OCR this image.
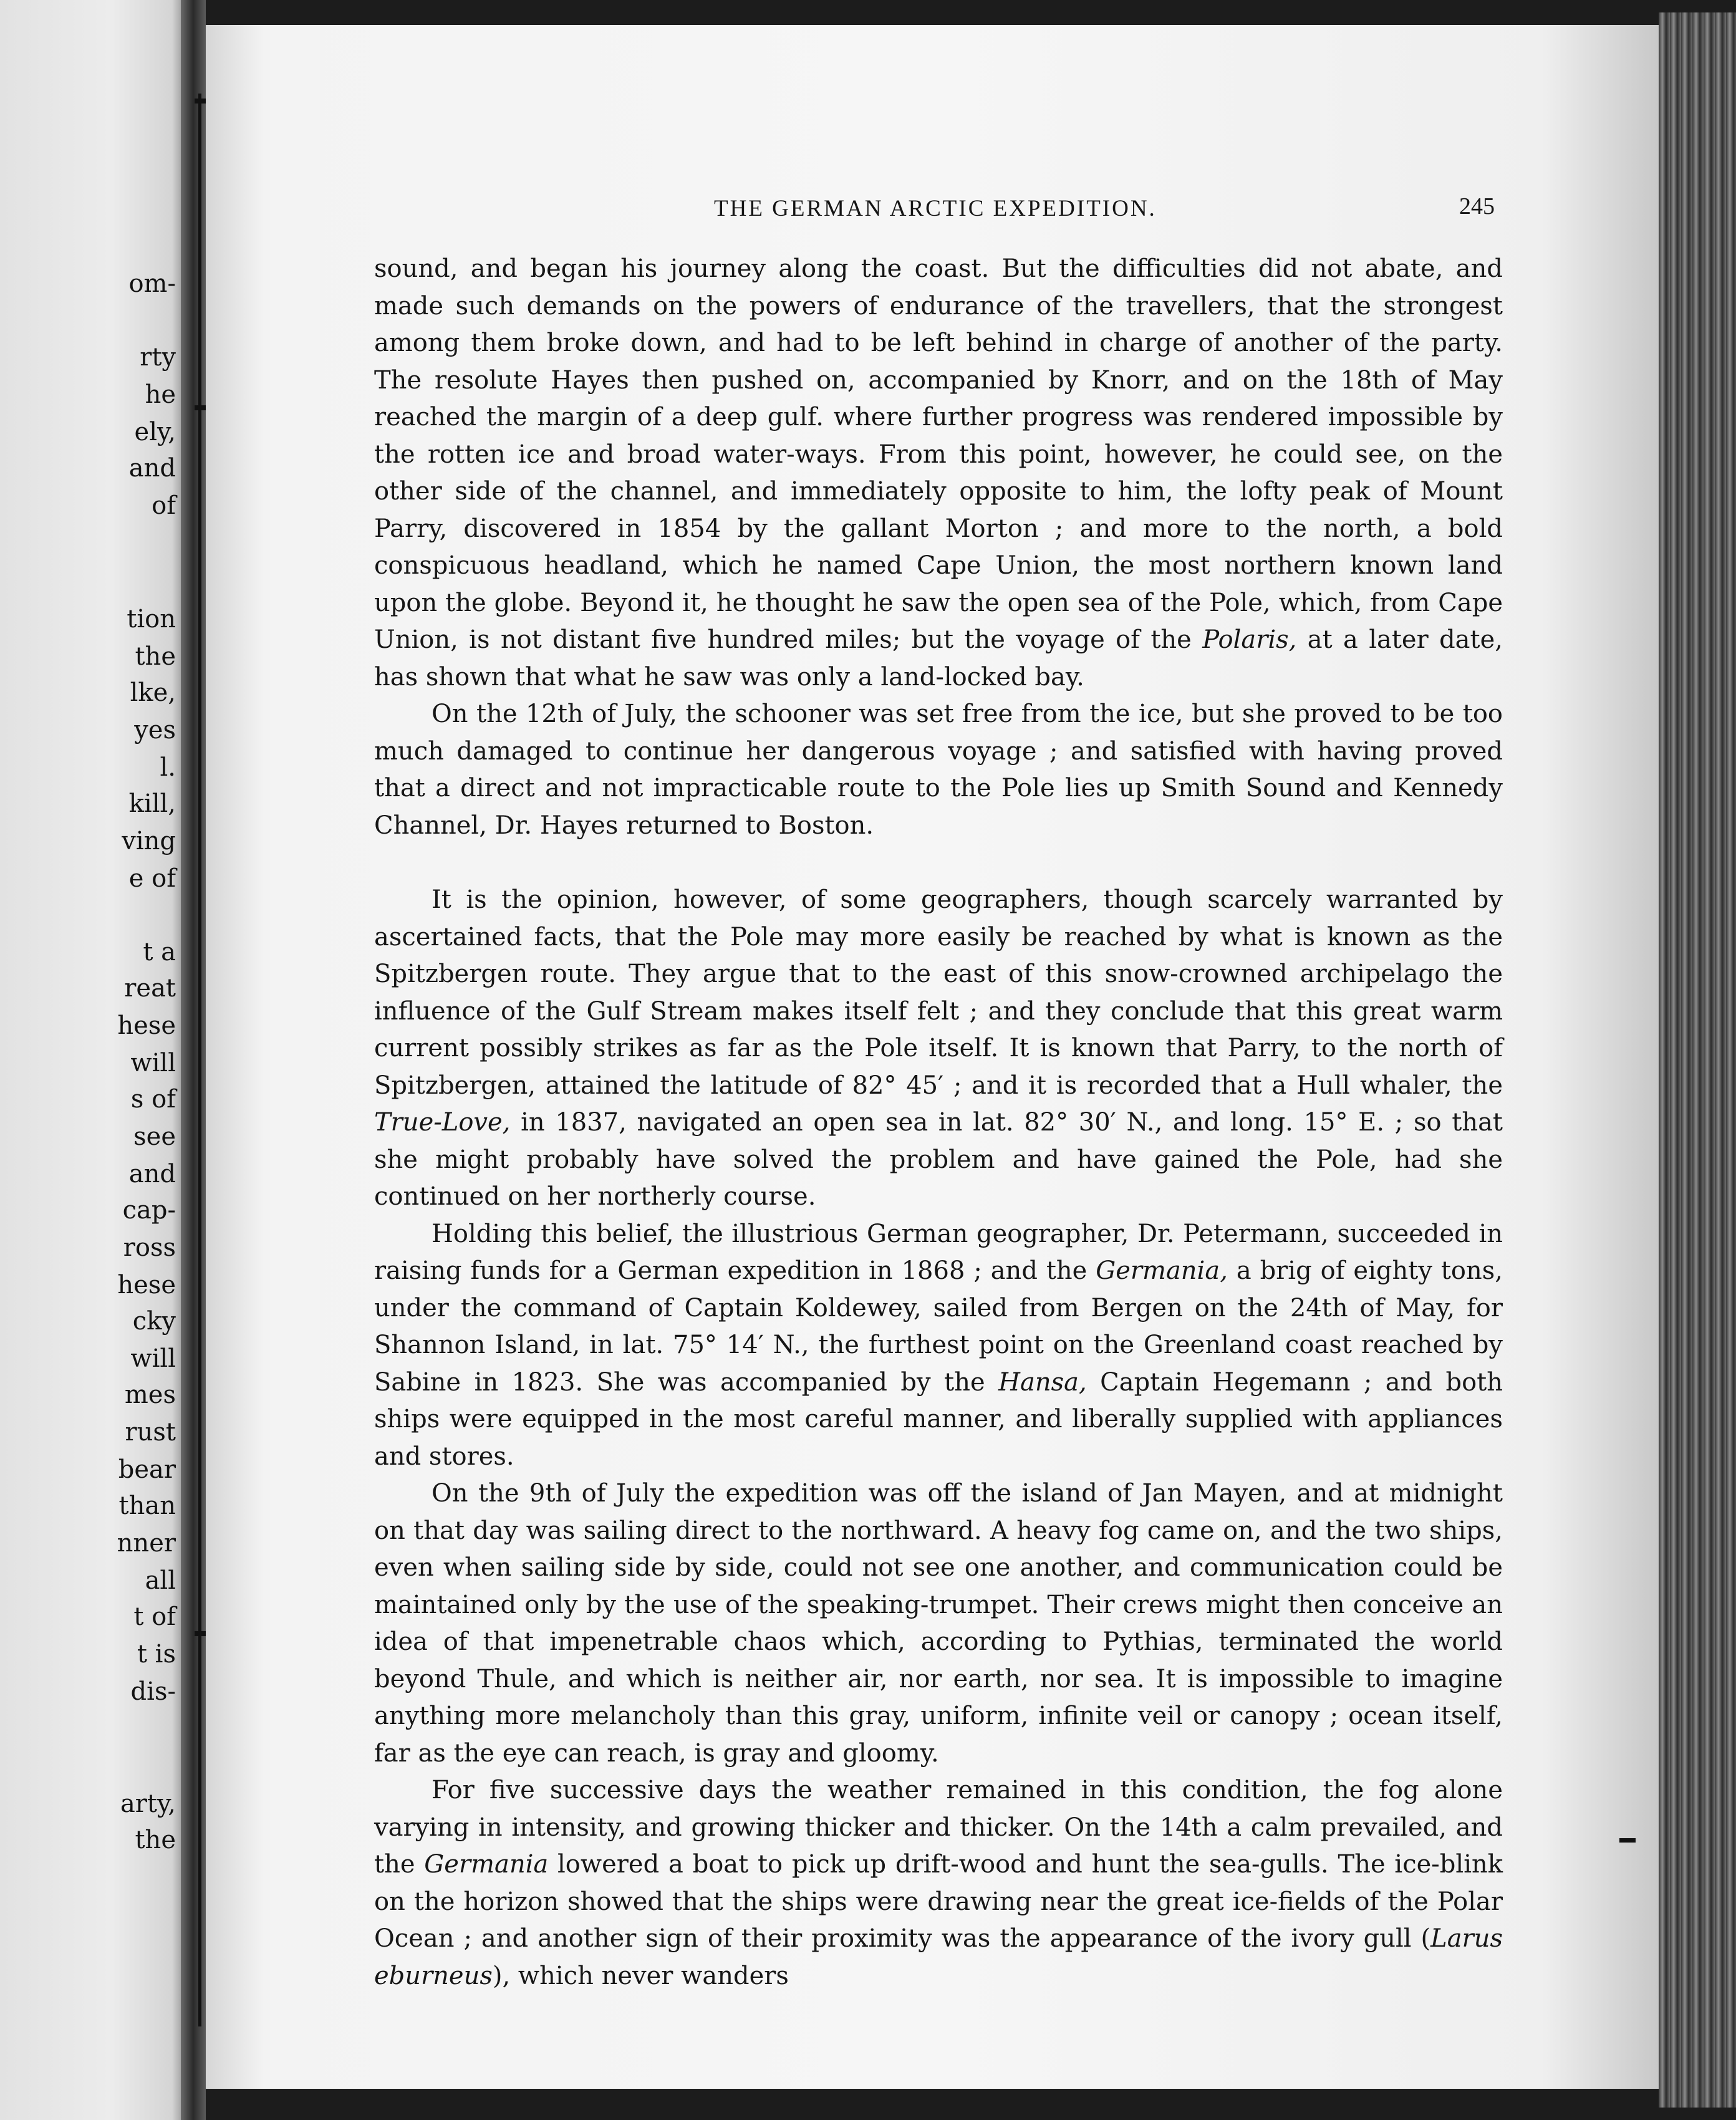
om-
rty
he
ely,
and
of
tion
the
lke,
yes
l.
kill,
ving
e of
t a
reat
hese
will
s of
see
and
cap-
ross
hese
cky
will
mes
rust
bear
than
nner
all
t of
t is
dis-
arty,
the
THE GERMAN ARCTIC EXPEDITION.	245

sound, and began his journey along the coast. But the difficulties did not abate, and made such demands on the powers of endurance of the travellers, that the strongest among them broke down, and had to be left behind in charge of another of the party. The resolute Hayes then pushed on, accompanied by Knorr, and on the 18th of May reached the margin of a deep gulf. where further progress was rendered impossible by the rotten ice and broad water-ways. From this point, however, he could see, on the other side of the channel, and immediately opposite to him, the lofty peak of Mount Parry, discovered in 1854 by the gallant Morton ; and more to the north, a bold conspicuous headland, which he named Cape Union, the most northern known land upon the globe. Beyond it, he thought he saw the open sea of the Pole, which, from Cape Union, is not distant five hundred miles; but the voyage of the Polaris, at a later date, has shown that what he saw was only a land-locked bay.

On the 12th of July, the schooner was set free from the ice, but she proved to be too much damaged to continue her dangerous voyage ; and satisfied with having proved that a direct and not impracticable route to the Pole lies up Smith Sound and Kennedy Channel, Dr. Hayes returned to Boston.

It is the opinion, however, of some geographers, though scarcely warranted by ascertained facts, that the Pole may more easily be reached by what is known as the Spitzbergen route. They argue that to the east of this snow-crowned archipelago the influence of the Gulf Stream makes itself felt ; and they conclude that this great warm current possibly strikes as far as the Pole itself. It is known that Parry, to the north of Spitzbergen, attained the latitude of 82° 45′ ; and it is recorded that a Hull whaler, the True-Love, in 1837, navigated an open sea in lat. 82° 30′ N., and long. 15° E. ; so that she might probably have solved the problem and have gained the Pole, had she continued on her northerly course.

Holding this belief, the illustrious German geographer, Dr. Petermann, succeeded in raising funds for a German expedition in 1868 ; and the Germania, a brig of eighty tons, under the command of Captain Koldewey, sailed from Bergen on the 24th of May, for Shannon Island, in lat. 75° 14′ N., the furthest point on the Greenland coast reached by Sabine in 1823. She was accompanied by the Hansa, Captain Hegemann ; and both ships were equipped in the most careful manner, and liberally supplied with appliances and stores.

On the 9th of July the expedition was off the island of Jan Mayen, and at midnight on that day was sailing direct to the northward. A heavy fog came on, and the two ships, even when sailing side by side, could not see one another, and communication could be maintained only by the use of the speaking-trumpet. Their crews might then conceive an idea of that impenetrable chaos which, according to Pythias, terminated the world beyond Thule, and which is neither air, nor earth, nor sea. It is impossible to imagine anything more melancholy than this gray, uniform, infinite veil or canopy ; ocean itself, far as the eye can reach, is gray and gloomy.

For five successive days the weather remained in this condition, the fog alone varying in intensity, and growing thicker and thicker. On the 14th a calm prevailed, and the Germania lowered a boat to pick up drift-wood and hunt the sea-gulls. The ice-blink on the horizon showed that the ships were drawing near the great ice-fields of the Polar Ocean ; and another sign of their proximity was the appearance of the ivory gull (Larus eburneus), which never wanders
